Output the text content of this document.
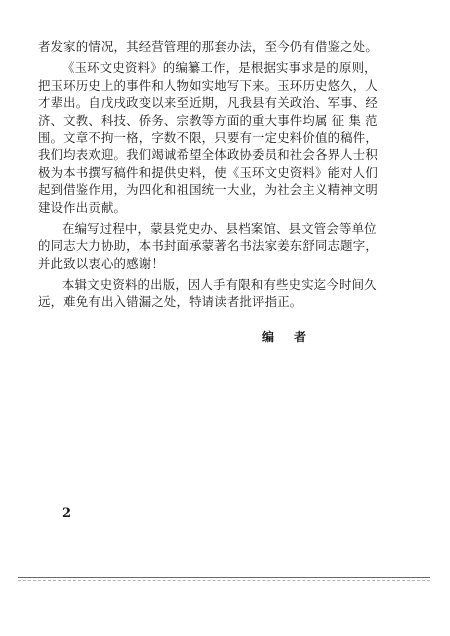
者发家的情况，其经营管理的那套办法，至今仍有借鉴之处。
《玉环文史资料》的编纂工作，是根据实事求是的原则，
把玉环历史上的事件和人物如实地写下来。玉环历史悠久，人
才辈出。自戊戌政变以来至近期，凡我县有关政治、军事、经
济、文教、科技、侨务、宗教等方面的重大事件均属 征 集 范
围。文章不拘一格，字数不限，只要有一定史料价值的稿件，
我们均表欢迎。我们竭诚希望全体政协委员和社会各界人士积
极为本书撰写稿件和提供史料，使《玉环文史资料》能对人们
起到借鉴作用，为四化和祖国统一大业，为社会主义精神文明
建设作出贡献。
在编写过程中，蒙县党史办、县档案馆、县文管会等单位
的同志大力协助，本书封面承蒙著名书法家姜东舒同志题字，
并此致以衷心的感谢！
本辑文史资料的出版，因人手有限和有些史实迄今时间久
远，难免有出入错漏之处，特请读者批评指正。
编者
2
